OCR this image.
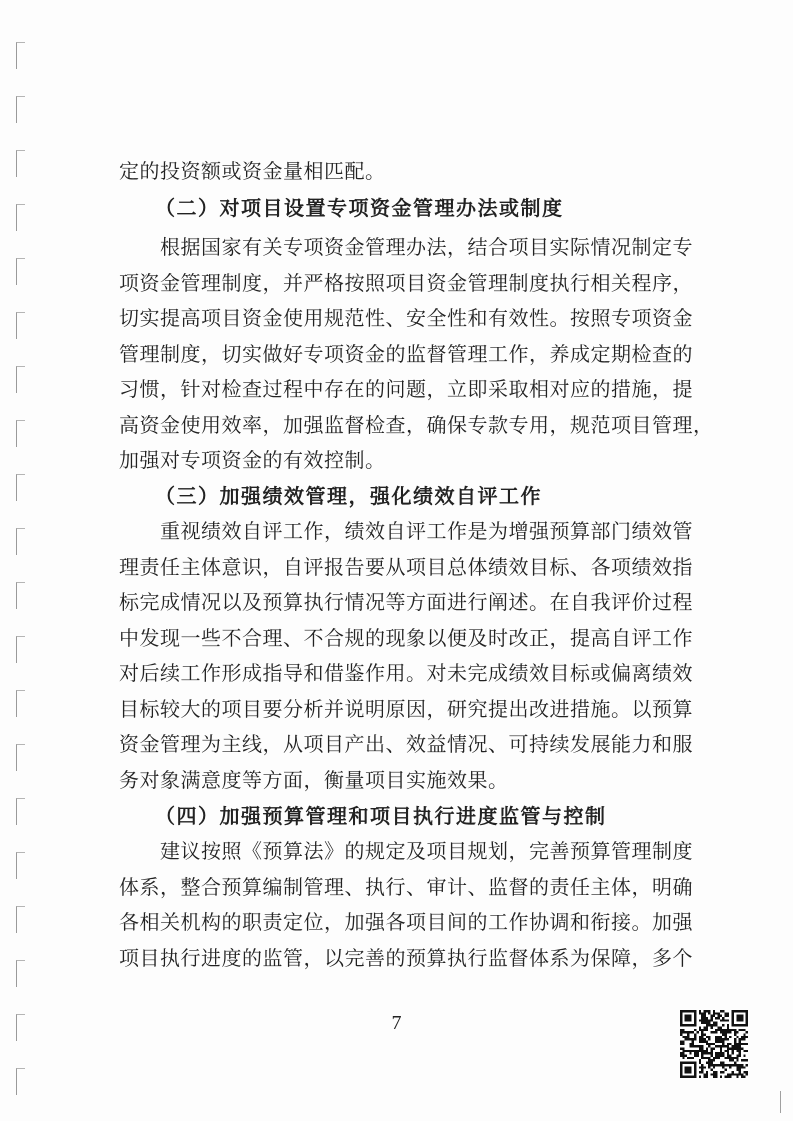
定的投资额或资金量相匹配。
（二）对项目设置专项资金管理办法或制度
根据国家有关专项资金管理办法，结合项目实际情况制定专
项资金管理制度，并严格按照项目资金管理制度执行相关程序，
切实提高项目资金使用规范性、安全性和有效性。按照专项资金
管理制度，切实做好专项资金的监督管理工作，养成定期检查的
习惯，针对检查过程中存在的问题，立即采取相对应的措施，提
高资金使用效率，加强监督检查，确保专款专用，规范项目管理，
加强对专项资金的有效控制。
（三）加强绩效管理，强化绩效自评工作
重视绩效自评工作，绩效自评工作是为增强预算部门绩效管
理责任主体意识，自评报告要从项目总体绩效目标、各项绩效指
标完成情况以及预算执行情况等方面进行阐述。在自我评价过程
中发现一些不合理、不合规的现象以便及时改正，提高自评工作
对后续工作形成指导和借鉴作用。对未完成绩效目标或偏离绩效
目标较大的项目要分析并说明原因，研究提出改进措施。以预算
资金管理为主线，从项目产出、效益情况、可持续发展能力和服
务对象满意度等方面，衡量项目实施效果。
（四）加强预算管理和项目执行进度监管与控制
建议按照《预算法》的规定及项目规划，完善预算管理制度
体系，整合预算编制管理、执行、审计、监督的责任主体，明确
各相关机构的职责定位，加强各项目间的工作协调和衔接。加强
项目执行进度的监管，以完善的预算执行监督体系为保障，多个
7
